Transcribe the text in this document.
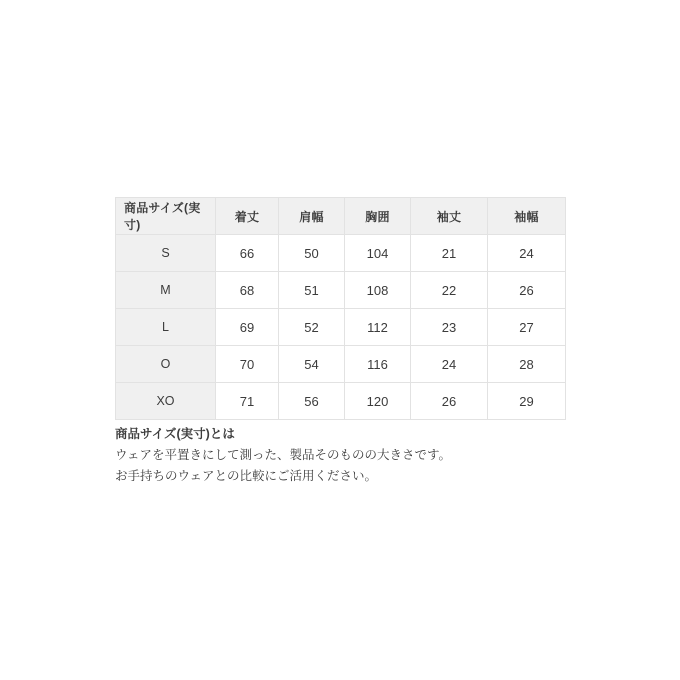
商品サイズ(実寸)	着丈	肩幅	胸囲	袖丈	袖幅
S	66	50	104	21	24
M	68	51	108	22	26
L	69	52	112	23	27
O	70	54	116	24	28
XO	71	56	120	26	29
商品サイズ(実寸)とは
ウェアを平置きにして測った、製品そのものの大きさです。
お手持ちのウェアとの比較にご活用ください。
